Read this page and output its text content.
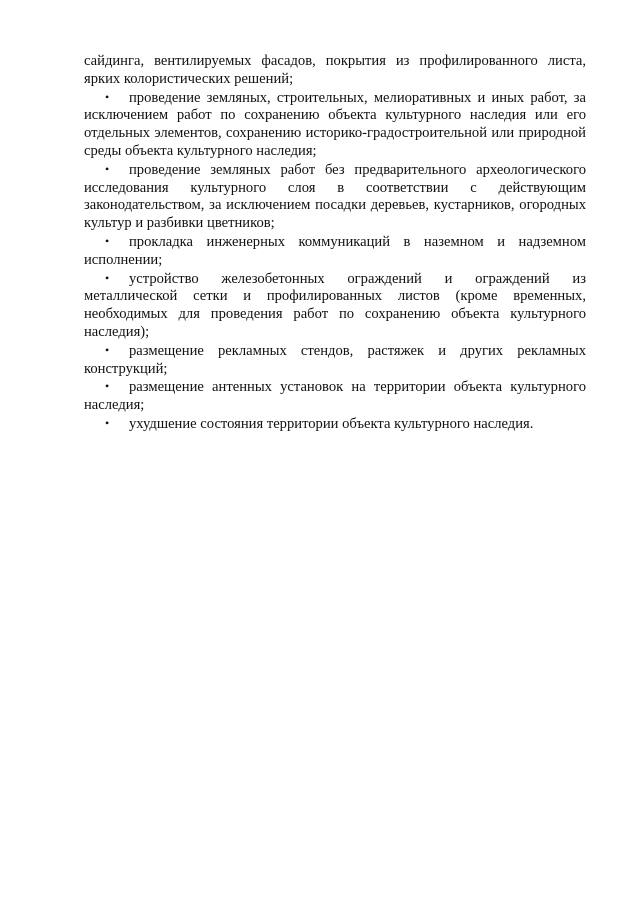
сайдинга, вентилируемых фасадов, покрытия из профилированного листа, ярких колористических решений;

• проведение земляных, строительных, мелиоративных и иных работ, за исключением работ по сохранению объекта культурного наследия или его отдельных элементов, сохранению историко-градостроительной или природной среды объекта культурного наследия;
• проведение земляных работ без предварительного археологического исследования культурного слоя в соответствии с действующим законодательством, за исключением посадки деревьев, кустарников, огородных культур и разбивки цветников;
• прокладка инженерных коммуникаций в наземном и надземном исполнении;
• устройство железобетонных ограждений и ограждений из металлической сетки и профилированных листов (кроме временных, необходимых для проведения работ по сохранению объекта культурного наследия);
• размещение рекламных стендов, растяжек и других рекламных конструкций;
• размещение антенных установок на территории объекта культурного наследия;
• ухудшение состояния территории объекта культурного наследия.
